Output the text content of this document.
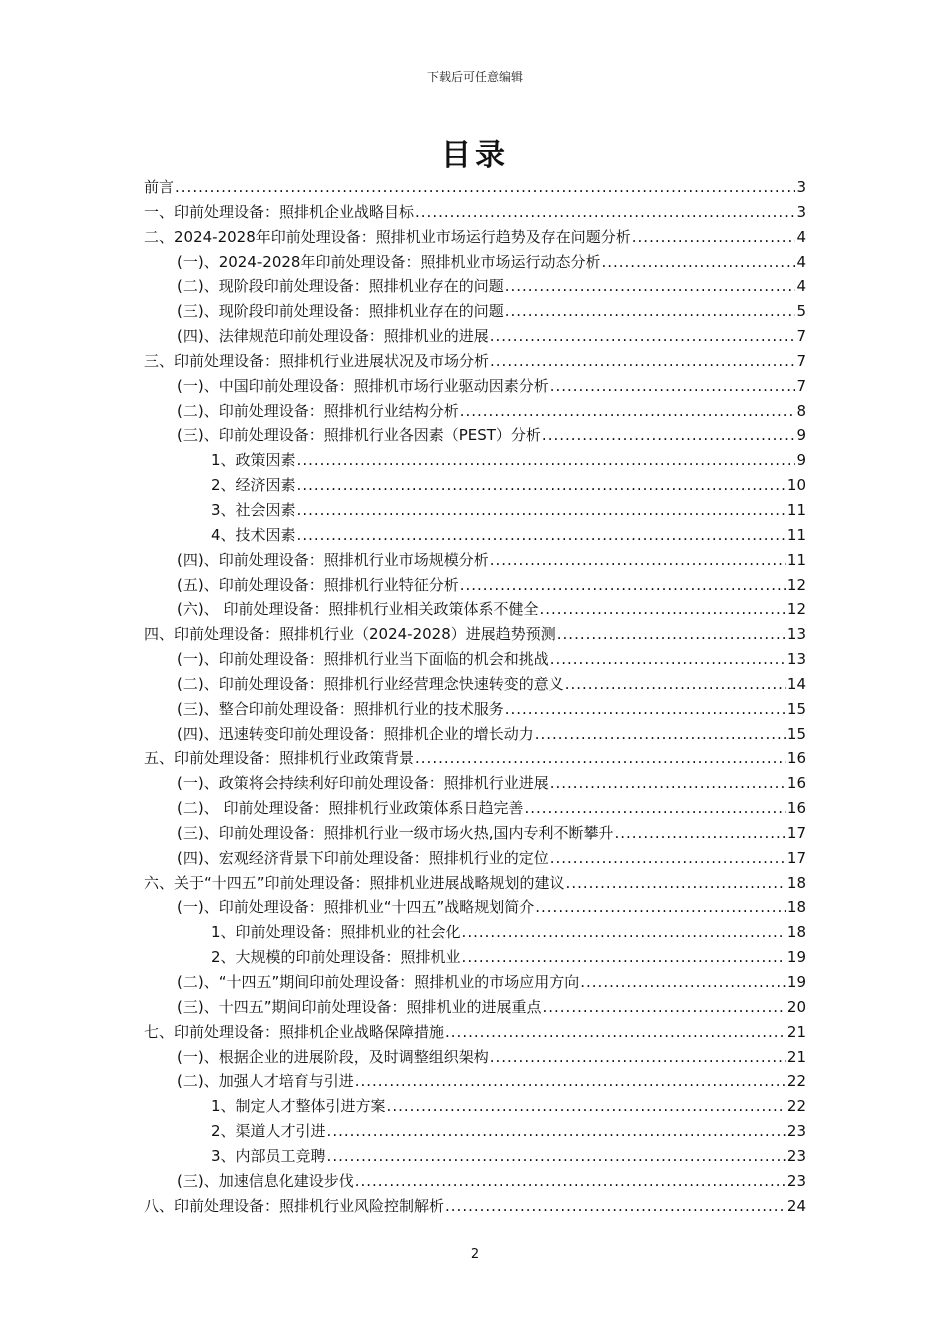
下载后可任意编辑
目录
前言 .....	3
一、印前处理设备：照排机企业战略目标 .....	3
二、2024-2028年印前处理设备：照排机业市场运行趋势及存在问题分析 .....	4
(一)、2024-2028年印前处理设备：照排机业市场运行动态分析 .....	4
(二)、现阶段印前处理设备：照排机业存在的问题 .....	4
(三)、现阶段印前处理设备：照排机业存在的问题 .....	5
(四)、法律规范印前处理设备：照排机业的进展 .....	7
三、印前处理设备：照排机行业进展状况及市场分析 .....	7
(一)、中国印前处理设备：照排机市场行业驱动因素分析 .....	7
(二)、印前处理设备：照排机行业结构分析 .....	8
(三)、印前处理设备：照排机行业各因素（PEST）分析 .....	9
1、政策因素 .....	9
2、经济因素 .....	10
3、社会因素 .....	11
4、技术因素 .....	11
(四)、印前处理设备：照排机行业市场规模分析 .....	11
(五)、印前处理设备：照排机行业特征分析 .....	12
(六)、 印前处理设备：照排机行业相关政策体系不健全 .....	12
四、印前处理设备：照排机行业（2024-2028）进展趋势预测 .....	13
(一)、印前处理设备：照排机行业当下面临的机会和挑战 .....	13
(二)、印前处理设备：照排机行业经营理念快速转变的意义 .....	14
(三)、整合印前处理设备：照排机行业的技术服务 .....	15
(四)、迅速转变印前处理设备：照排机企业的增长动力 .....	15
五、印前处理设备：照排机行业政策背景 .....	16
(一)、政策将会持续利好印前处理设备：照排机行业进展 .....	16
(二)、 印前处理设备：照排机行业政策体系日趋完善 .....	16
(三)、印前处理设备：照排机行业一级市场火热,国内专利不断攀升 .....	17
(四)、宏观经济背景下印前处理设备：照排机行业的定位 .....	17
六、关于“十四五”印前处理设备：照排机业进展战略规划的建议 .....	18
(一)、印前处理设备：照排机业“十四五”战略规划简介 .....	18
1、印前处理设备：照排机业的社会化 .....	18
2、大规模的印前处理设备：照排机业 .....	19
(二)、“十四五”期间印前处理设备：照排机业的市场应用方向 .....	19
(三)、十四五”期间印前处理设备：照排机业的进展重点 .....	20
七、印前处理设备：照排机企业战略保障措施 .....	21
(一)、根据企业的进展阶段，及时调整组织架构 .....	21
(二)、加强人才培育与引进 .....	22
1、制定人才整体引进方案 .....	22
2、渠道人才引进 .....	23
3、内部员工竞聘 .....	23
(三)、加速信息化建设步伐 .....	23
八、印前处理设备：照排机行业风险控制解析 .....	24
2
